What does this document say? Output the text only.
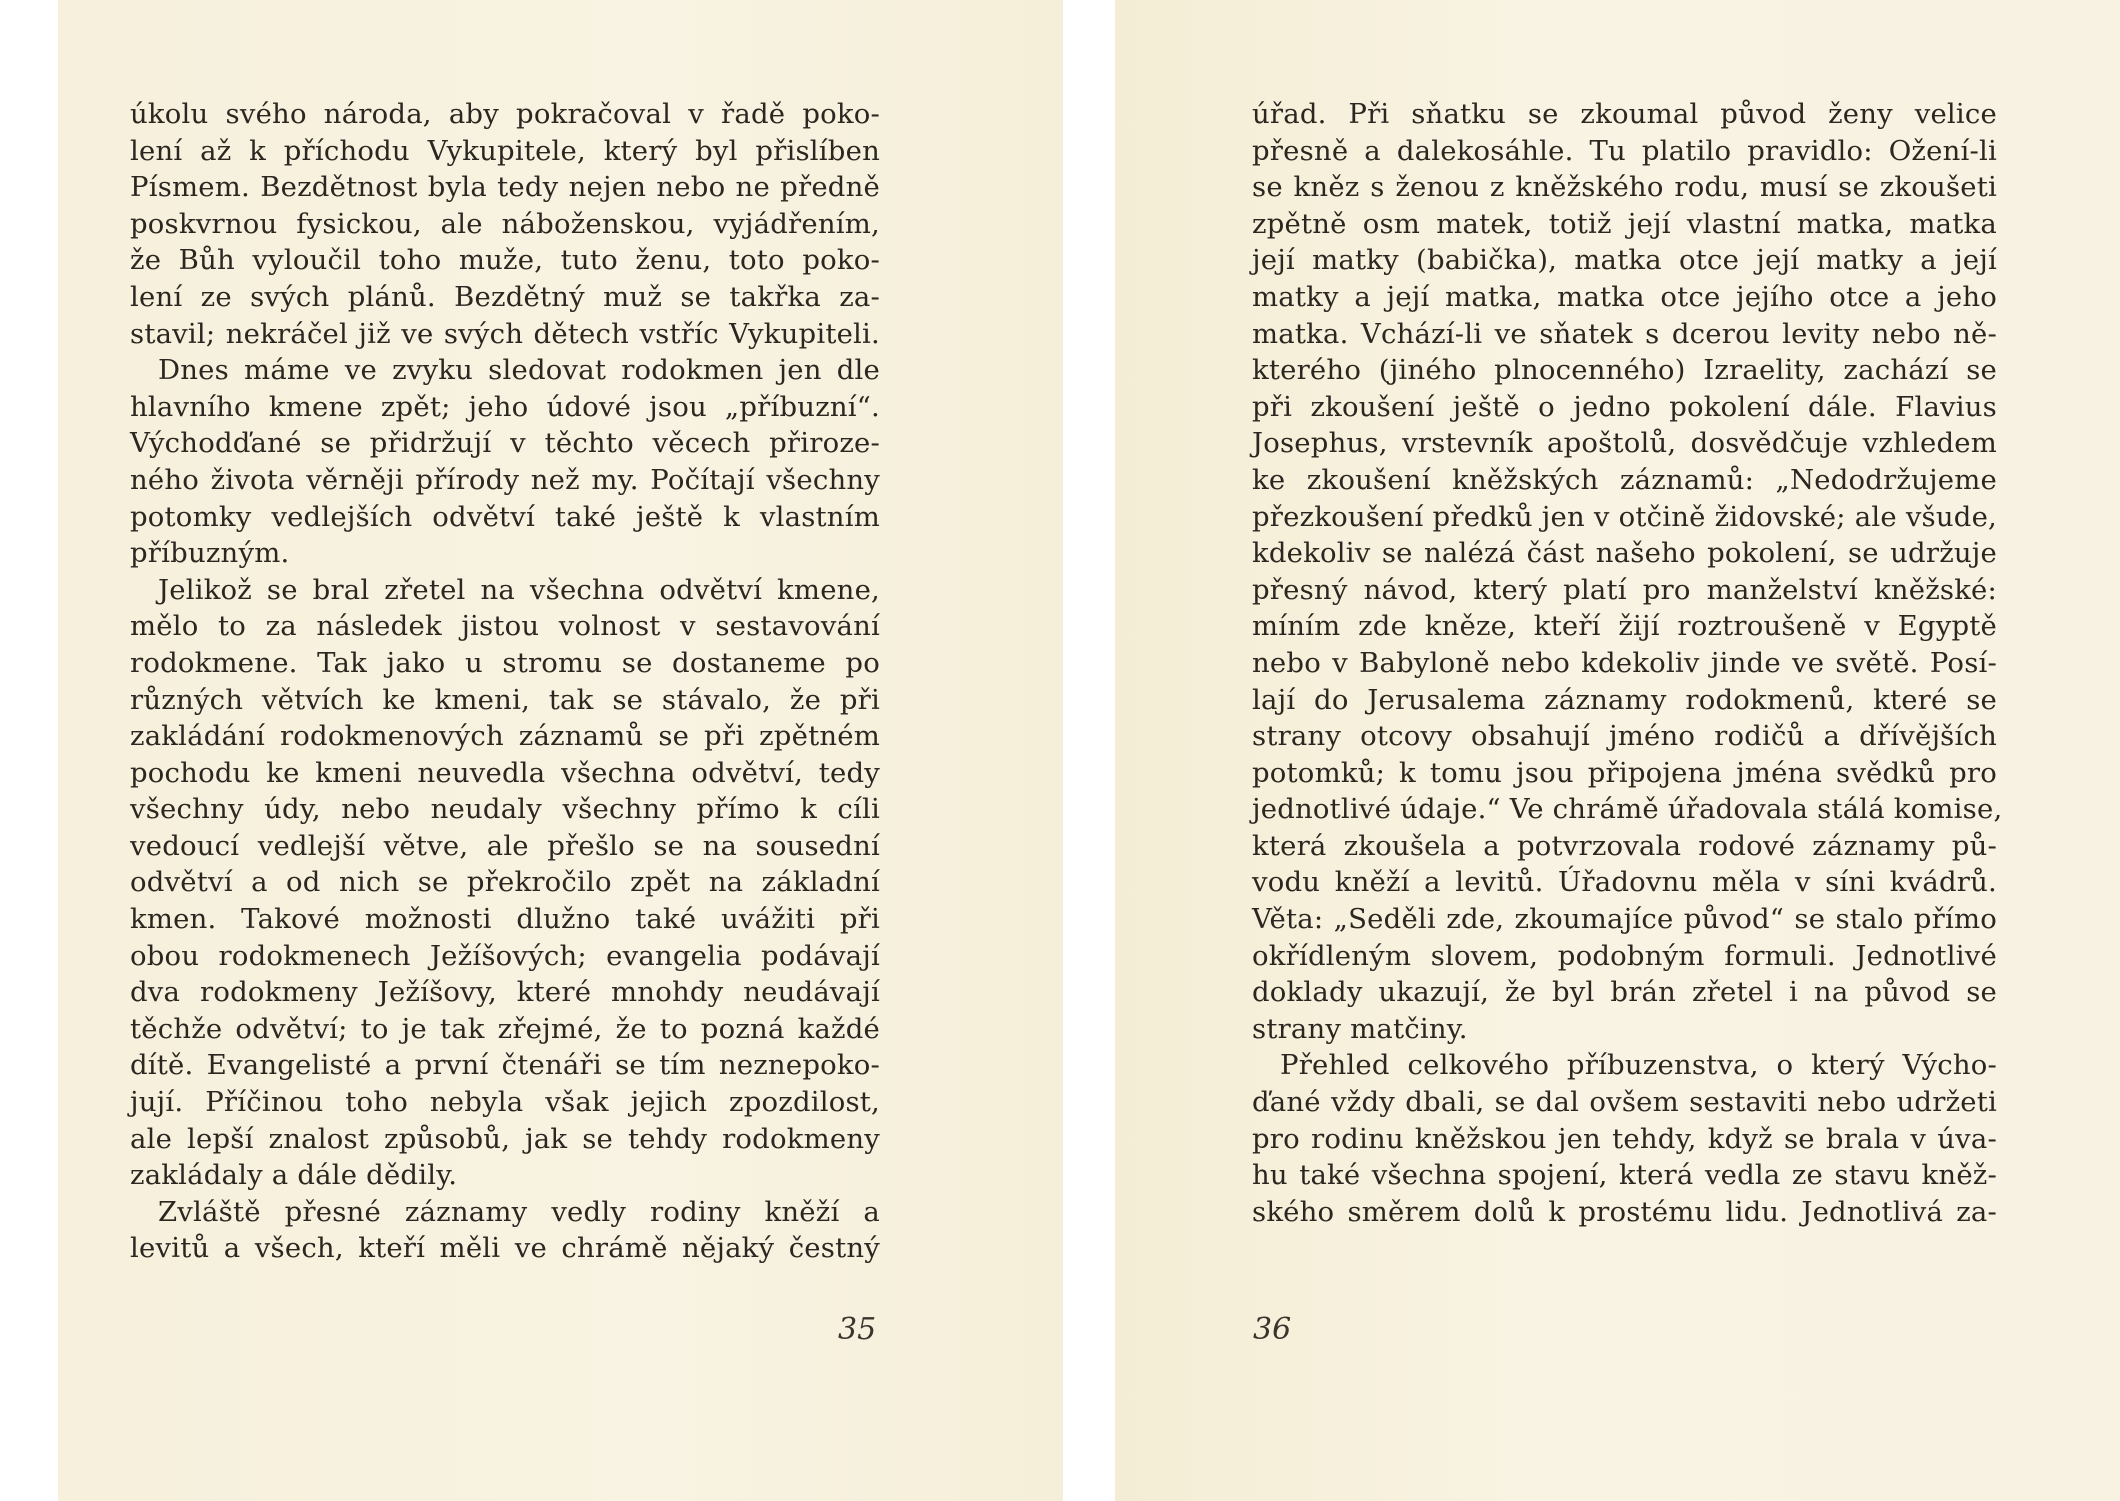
úkolu svého národa, aby pokračoval v řadě poko-
lení až k příchodu Vykupitele, který byl přislíben
Písmem. Bezdětnost byla tedy nejen nebo ne předně
poskvrnou fysickou, ale náboženskou, vyjádřením,
že Bůh vyloučil toho muže, tuto ženu, toto poko-
lení ze svých plánů. Bezdětný muž se takřka za-
stavil; nekráčel již ve svých dětech vstříc Vykupiteli.
Dnes máme ve zvyku sledovat rodokmen jen dle
hlavního kmene zpět; jeho údové jsou „příbuzní“.
Východďané se přidržují v těchto věcech přiroze-
ného života věrněji přírody než my. Počítají všechny
potomky vedlejších odvětví také ještě k vlastním
příbuzným.
Jelikož se bral zřetel na všechna odvětví kmene,
mělo to za následek jistou volnost v sestavování
rodokmene. Tak jako u stromu se dostaneme po
různých větvích ke kmeni, tak se stávalo, že při
zakládání rodokmenových záznamů se při zpětném
pochodu ke kmeni neuvedla všechna odvětví, tedy
všechny údy, nebo neudaly všechny přímo k cíli
vedoucí vedlejší větve, ale přešlo se na sousední
odvětví a od nich se překročilo zpět na základní
kmen. Takové možnosti dlužno také uvážiti při
obou rodokmenech Ježíšových; evangelia podávají
dva rodokmeny Ježíšovy, které mnohdy neudávají
těchže odvětví; to je tak zřejmé, že to pozná každé
dítě. Evangelisté a první čtenáři se tím neznepoko-
jují. Příčinou toho nebyla však jejich zpozdilost,
ale lepší znalost způsobů, jak se tehdy rodokmeny
zakládaly a dále dědily.
Zvláště přesné záznamy vedly rodiny kněží a
levitů a všech, kteří měli ve chrámě nějaký čestný
35
úřad. Při sňatku se zkoumal původ ženy velice
přesně a dalekosáhle. Tu platilo pravidlo: Ožení-li
se kněz s ženou z kněžského rodu, musí se zkoušeti
zpětně osm matek, totiž její vlastní matka, matka
její matky (babička), matka otce její matky a její
matky a její matka, matka otce jejího otce a jeho
matka. Vchází-li ve sňatek s dcerou levity nebo ně-
kterého (jiného plnocenného) Izraelity, zachází se
při zkoušení ještě o jedno pokolení dále. Flavius
Josephus, vrstevník apoštolů, dosvědčuje vzhledem
ke zkoušení kněžských záznamů: „Nedodržujeme
přezkoušení předků jen v otčině židovské; ale všude,
kdekoliv se nalézá část našeho pokolení, se udržuje
přesný návod, který platí pro manželství kněžské:
míním zde kněze, kteří žijí roztroušeně v Egyptě
nebo v Babyloně nebo kdekoliv jinde ve světě. Posí-
lají do Jerusalema záznamy rodokmenů, které se
strany otcovy obsahují jméno rodičů a dřívějších
potomků; k tomu jsou připojena jména svědků pro
jednotlivé údaje.“ Ve chrámě úřadovala stálá komise,
která zkoušela a potvrzovala rodové záznamy pů-
vodu kněží a levitů. Úřadovnu měla v síni kvádrů.
Věta: „Seděli zde, zkoumajíce původ“ se stalo přímo
okřídleným slovem, podobným formuli. Jednotlivé
doklady ukazují, že byl brán zřetel i na původ se
strany matčiny.
Přehled celkového příbuzenstva, o který Výcho-
ďané vždy dbali, se dal ovšem sestaviti nebo udržeti
pro rodinu kněžskou jen tehdy, když se brala v úva-
hu také všechna spojení, která vedla ze stavu kněž-
ského směrem dolů k prostému lidu. Jednotlivá za-
36
